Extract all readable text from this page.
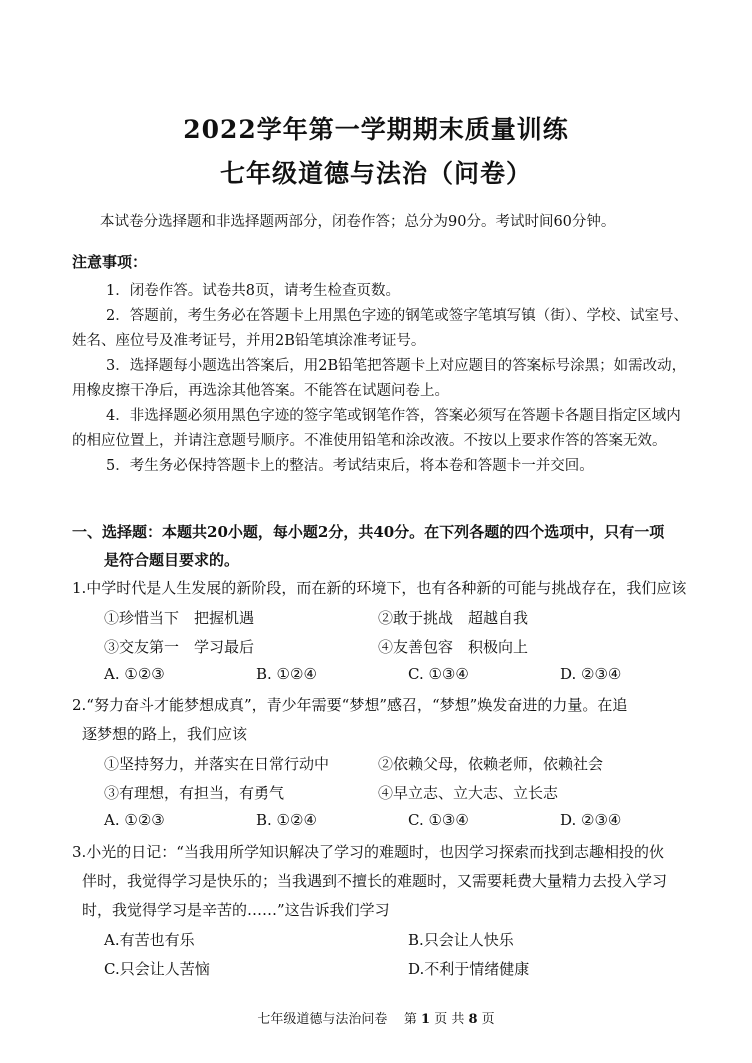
2022学年第一学期期末质量训练
七年级道德与法治（问卷）
本试卷分选择题和非选择题两部分，闭卷作答；总分为90分。考试时间60分钟。
注意事项：

1．闭卷作答。试卷共8页，请考生检查页数。

2．答题前，考生务必在答题卡上用黑色字迹的钢笔或签字笔填写镇（街）、学校、试室号、姓名、座位号及准考证号，并用2B铅笔填涂准考证号。

3．选择题每小题选出答案后，用2B铅笔把答题卡上对应题目的答案标号涂黑；如需改动，用橡皮擦干净后，再选涂其他答案。不能答在试题问卷上。

4．非选择题必须用黑色字迹的签字笔或钢笔作答，答案必须写在答题卡各题目指定区域内的相应位置上，并请注意题号顺序。不准使用铅笔和涂改液。不按以上要求作答的答案无效。

5．考生务必保持答题卡上的整洁。考试结束后，将本卷和答题卡一并交回。

一、选择题：本题共20小题，每小题2分，共40分。在下列各题的四个选项中，只有一项
是符合题目要求的。
1.中学时代是人生发展的新阶段，而在新的环境下，也有各种新的可能与挑战存在，我们应该
①珍惜当下　把握机遇	②敢于挑战　超越自我
③交友第一　学习最后	④友善包容　积极向上
A. ①②③	B. ①②④	C. ①③④	D. ②③④
2.“努力奋斗才能梦想成真”，青少年需要“梦想”感召，“梦想”焕发奋进的力量。在追
逐梦想的路上，我们应该
①坚持努力，并落实在日常行动中	②依赖父母，依赖老师，依赖社会
③有理想，有担当，有勇气	④早立志、立大志、立长志
A. ①②③	B. ①②④	C. ①③④	D. ②③④
3.小光的日记：“当我用所学知识解决了学习的难题时，也因学习探索而找到志趣相投的伙
伴时，我觉得学习是快乐的；当我遇到不擅长的难题时，又需要耗费大量精力去投入学习
时，我觉得学习是辛苦的……”这告诉我们学习
A.有苦也有乐	B.只会让人快乐
C.只会让人苦恼	D.不利于情绪健康
七年级道德与法治问卷 第 1 页 共 8 页
